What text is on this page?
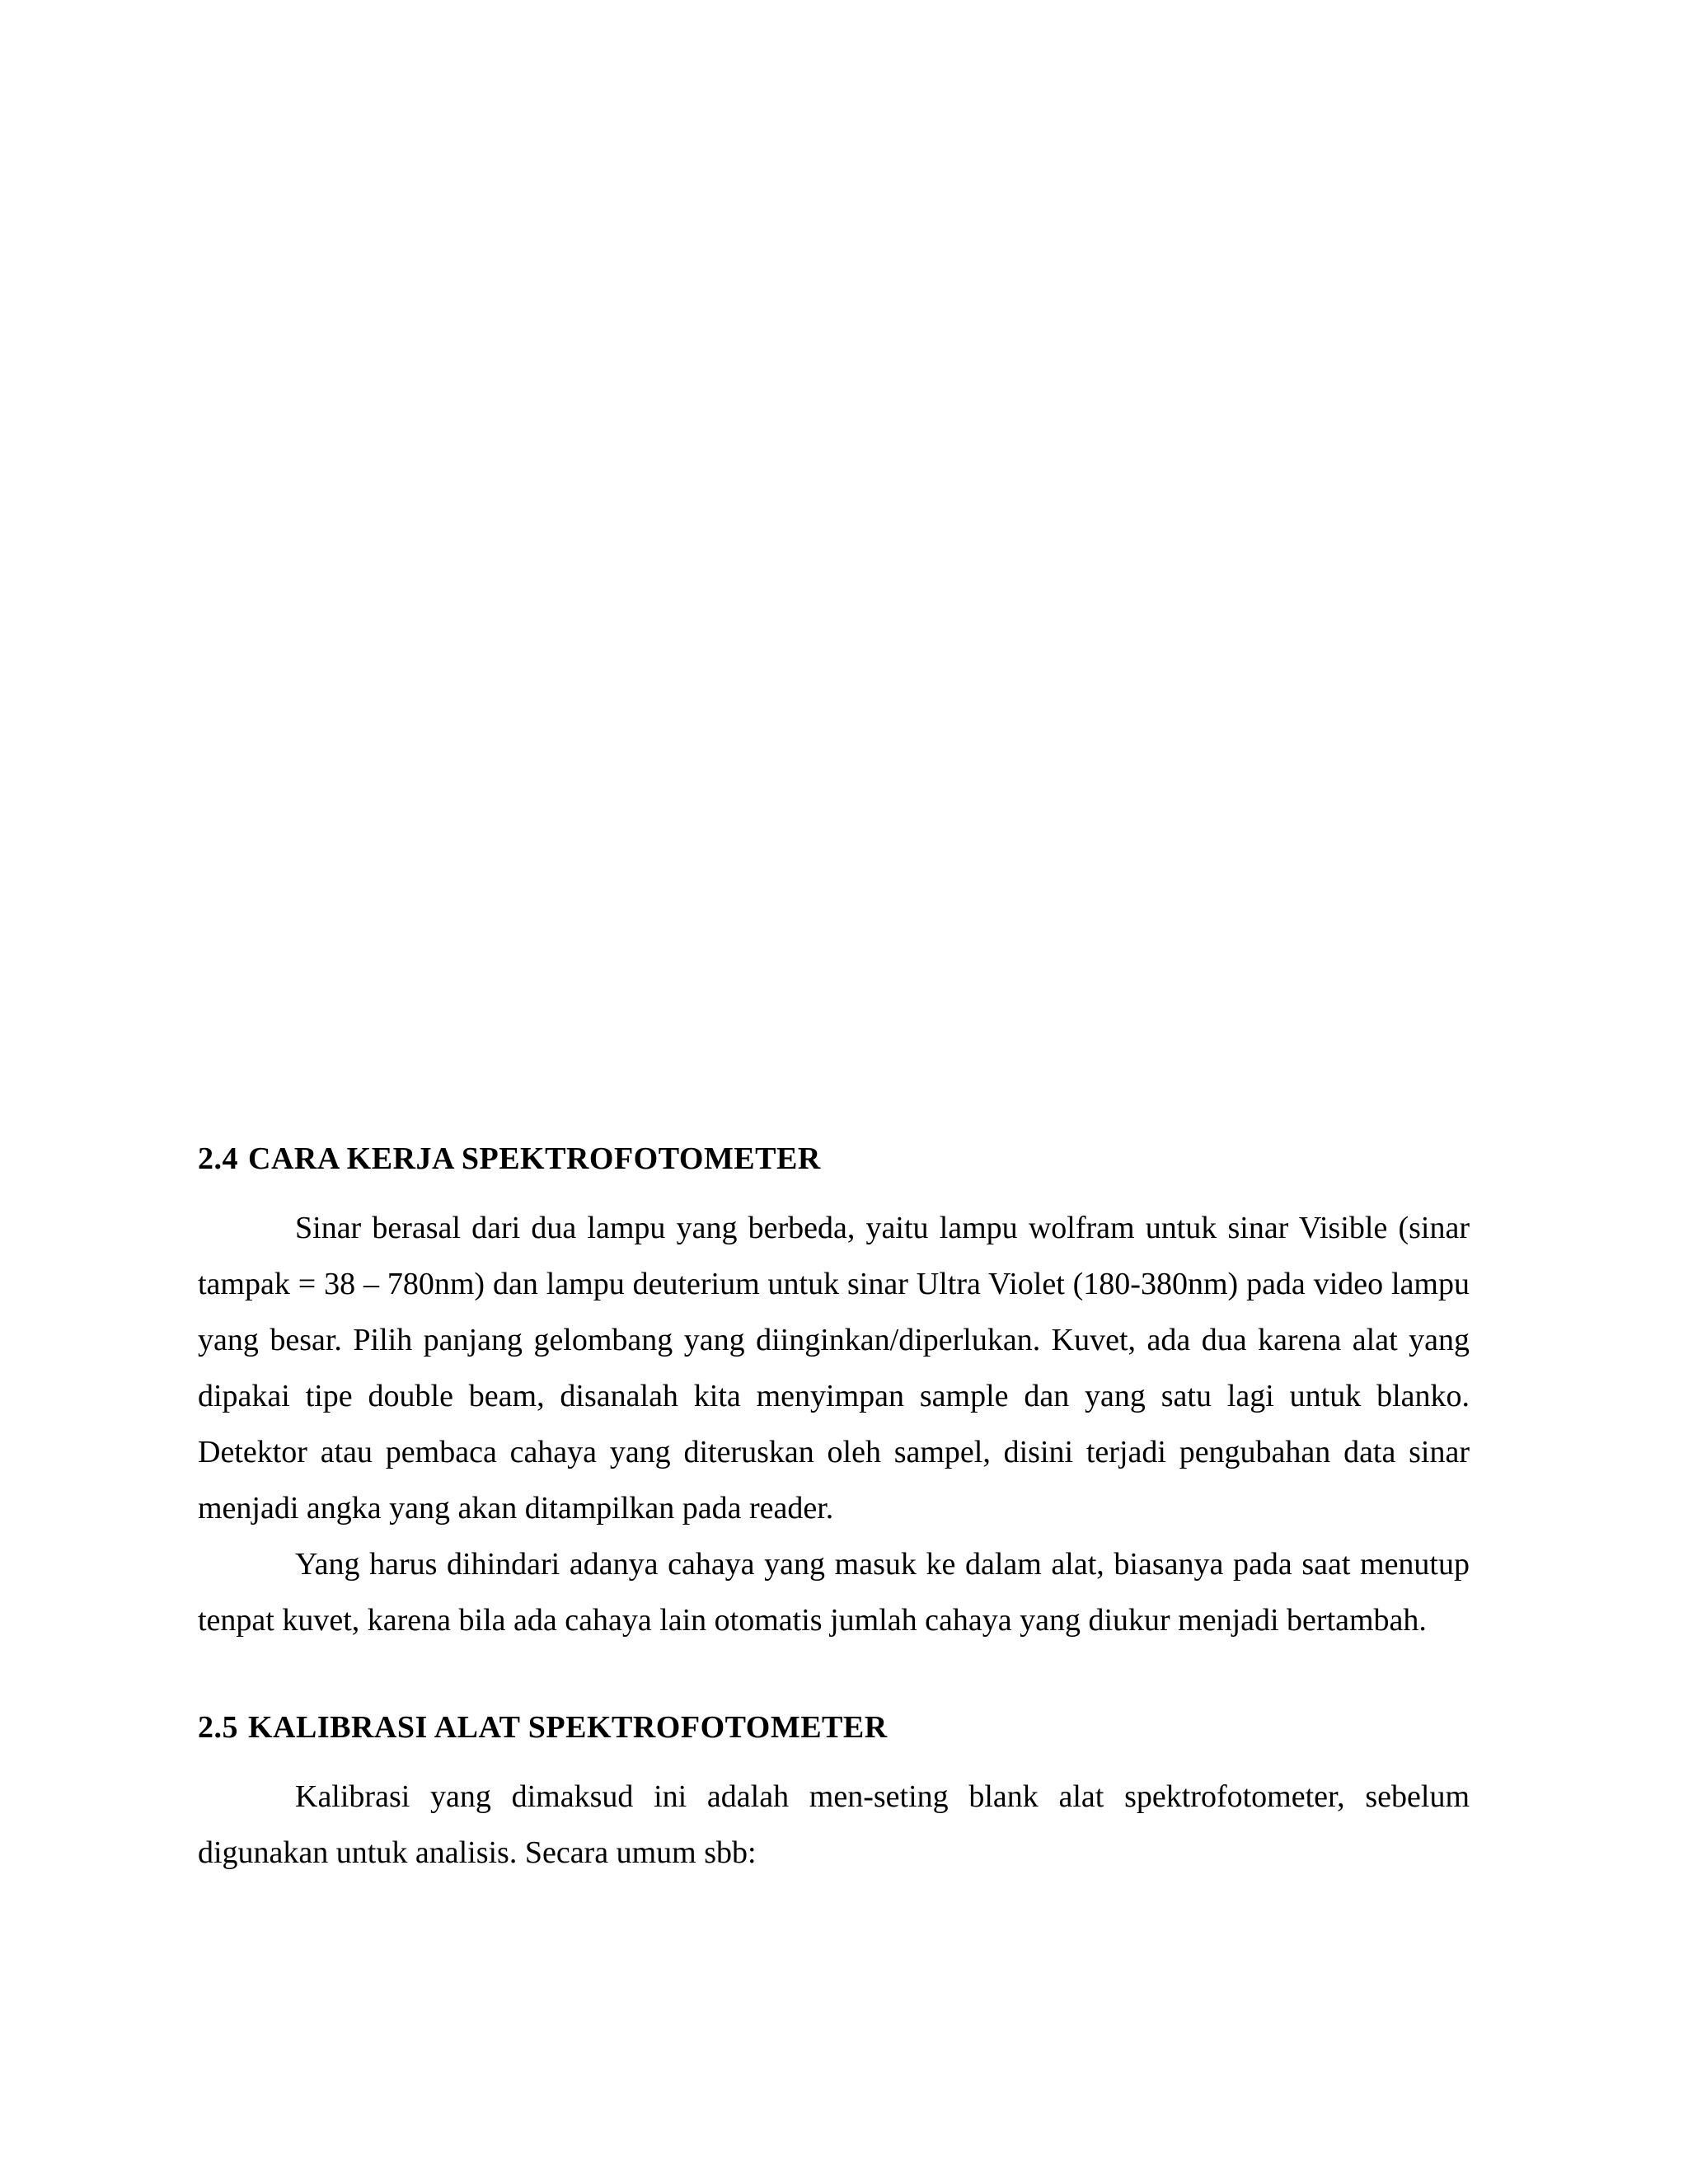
2.4 CARA KERJA SPEKTROFOTOMETER

Sinar berasal dari dua lampu yang berbeda, yaitu lampu wolfram untuk sinar Visible (sinar tampak = 38 – 780nm) dan lampu deuterium untuk sinar Ultra Violet (180-380nm) pada video lampu yang besar. Pilih panjang gelombang yang diinginkan/diperlukan. Kuvet, ada dua karena alat yang dipakai tipe double beam, disanalah kita menyimpan sample dan yang satu lagi untuk blanko. Detektor atau pembaca cahaya yang diteruskan oleh sampel, disini terjadi pengubahan data sinar menjadi angka yang akan ditampilkan pada reader.

Yang harus dihindari adanya cahaya yang masuk ke dalam alat, biasanya pada saat menutup tenpat kuvet, karena bila ada cahaya lain otomatis jumlah cahaya yang diukur menjadi bertambah.

2.5 KALIBRASI ALAT SPEKTROFOTOMETER

Kalibrasi yang dimaksud ini adalah men-seting blank alat spektrofotometer, sebelum digunakan untuk analisis. Secara umum sbb:
